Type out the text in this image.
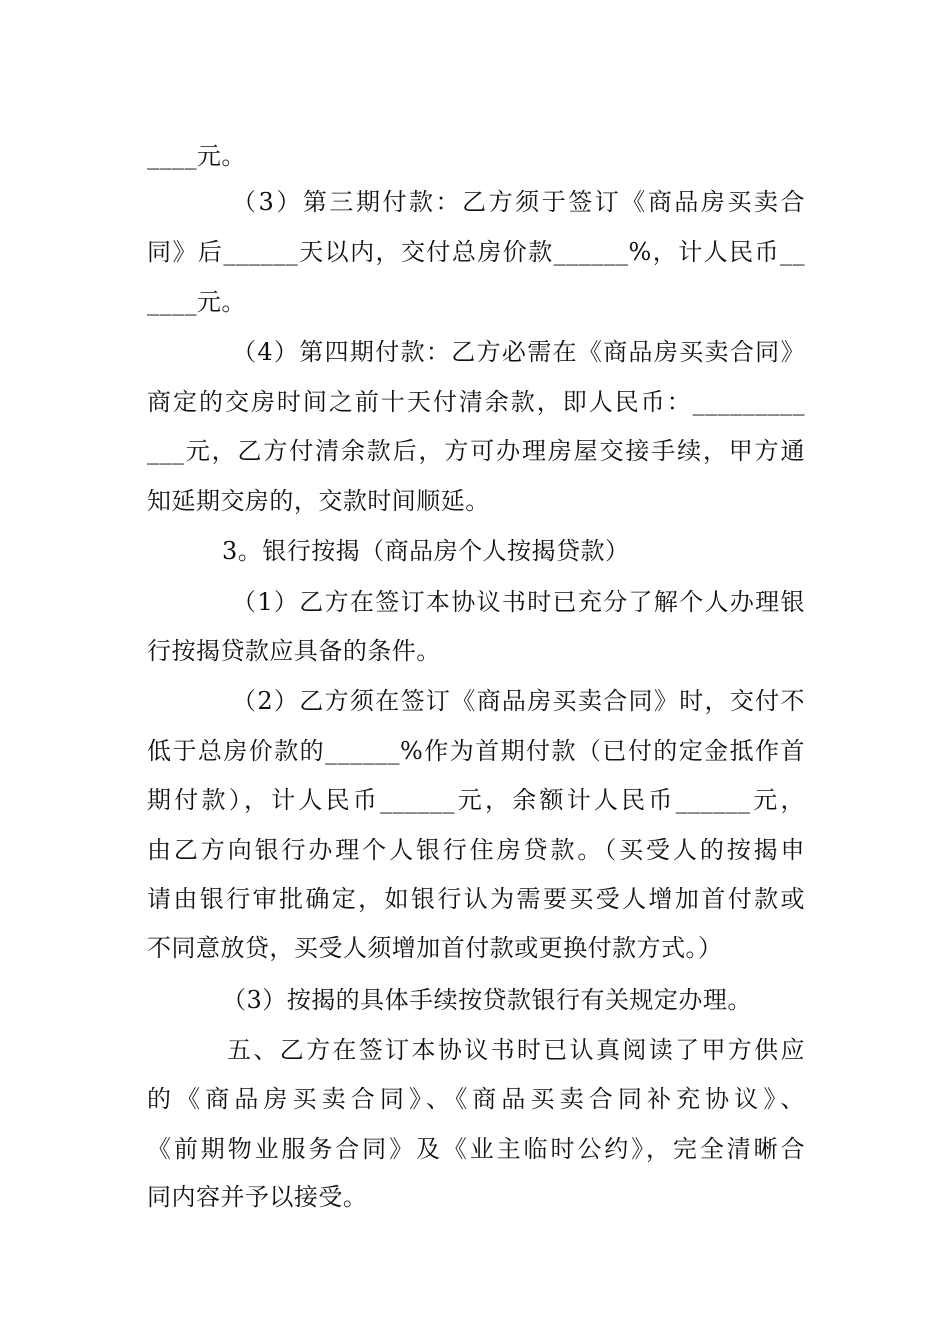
____元。
（3）第三期付款：乙方须于签订《商品房买卖合
同》后______天以内，交付总房价款______%，计人民币__
____元。
（4）第四期付款：乙方必需在《商品房买卖合同》
商定的交房时间之前十天付清余款，即人民币：_________
___元，乙方付清余款后，方可办理房屋交接手续，甲方通
知延期交房的，交款时间顺延。
3。银行按揭（商品房个人按揭贷款）
（1）乙方在签订本协议书时已充分了解个人办理银
行按揭贷款应具备的条件。
（2）乙方须在签订《商品房买卖合同》时，交付不
低于总房价款的______%作为首期付款（已付的定金抵作首
期付款），计人民币______元，余额计人民币______元，
由乙方向银行办理个人银行住房贷款。（买受人的按揭申
请由银行审批确定，如银行认为需要买受人增加首付款或
不同意放贷，买受人须增加首付款或更换付款方式。）
（3）按揭的具体手续按贷款银行有关规定办理。
五、乙方在签订本协议书时已认真阅读了甲方供应
的《商品房买卖合同》、《商品买卖合同补充协议》、
《前期物业服务合同》及《业主临时公约》，完全清晰合
同内容并予以接受。
